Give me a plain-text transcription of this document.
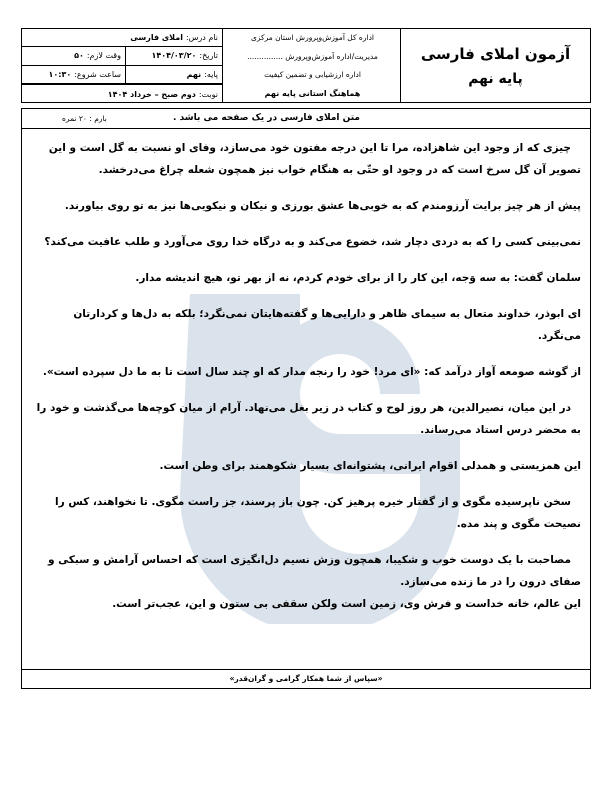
آزمون املای فارسی
پایه نهم
اداره کل آموزش‌وپرورش استان مرکزی
مدیریت/اداره آموزش‌وپرورش ...............
اداره ارزشیابی و تضمین کیفیت
هماهنگ استانی پایه نهم
نام درس:
املای فارسی
تاریخ:
۱۴۰۴/۰۳/۲۰
وقت لازم:
۵۰
پایه:
نهم
ساعت شروع:
۱۰:۳۰
نوبت:
دوم صبح – خرداد ۱۴۰۴
متن املای فارسی در یک صفحه می باشد .
بارم : ۲۰ نمره

چیزی که از وجود این شاهزاده، مرا تا این درجه مفتون خود می‌سازد، وفای او نسبت به گل است و این تصویر آن گل سرخ است که در وجود او حتّی به هنگام خواب نیز همچون شعله چراغ می‌درخشد.

پیش از هر چیز برایت آرزومندم که به خوبی‌ها عشق بورزی و نیکان و نیکویی‌ها نیز به تو روی بیاورند.

نمی‌بینی کسی را که به دردی دچار شد، خضوع می‌کند و به درگاه خدا روی می‌آورد و طلب عافیت می‌کند؟

سلمان گفت: به سه وَجه، این کار را از برای خودم کردم، نه از بهر تو، هیچ اندیشه مدار.

ای ابوذر، خداوند متعال به سیمای ظاهر و دارایی‌ها و گفته‌هایتان نمی‌نگرد؛ بلکه به دل‌ها و کردارتان می‌نگرد.

از گوشه صومعه آواز درآمد که: «ای مرد! خود را رنجه مدار که او چند سال است تا به ما دل سپرده است».

در این میان، نصیرالدین، هر روز لوح و کتاب در زیر بغل می‌نهاد. آرام از میان کوچه‌ها می‌گذشت و خود را به محضر درس استاد می‌رساند.

این همزیستی و همدلی اقوام ایرانی، پشتوانه‌ای بسیار شکوهمند برای وطن است.

سخن ناپرسیده مگوی و از گفتار خیره پرهیز کن. چون باز پرسند، جز راست مگوی. تا نخواهند، کس را نصیحت مگوی و پند مده.

مصاحبت با یک دوست خوب و شکیبا، همچون وزش نسیم دل‌انگیزی است که احساس آرامش و سبکی و صفای درون را در ما زنده می‌سازد.

این عالم، خانه خداست و فرش وی، زمین است ولکن سقفی بی ستون و این، عجب‌تر است.

«سپاس از شما همکار گرامی و گران‌قدر»
